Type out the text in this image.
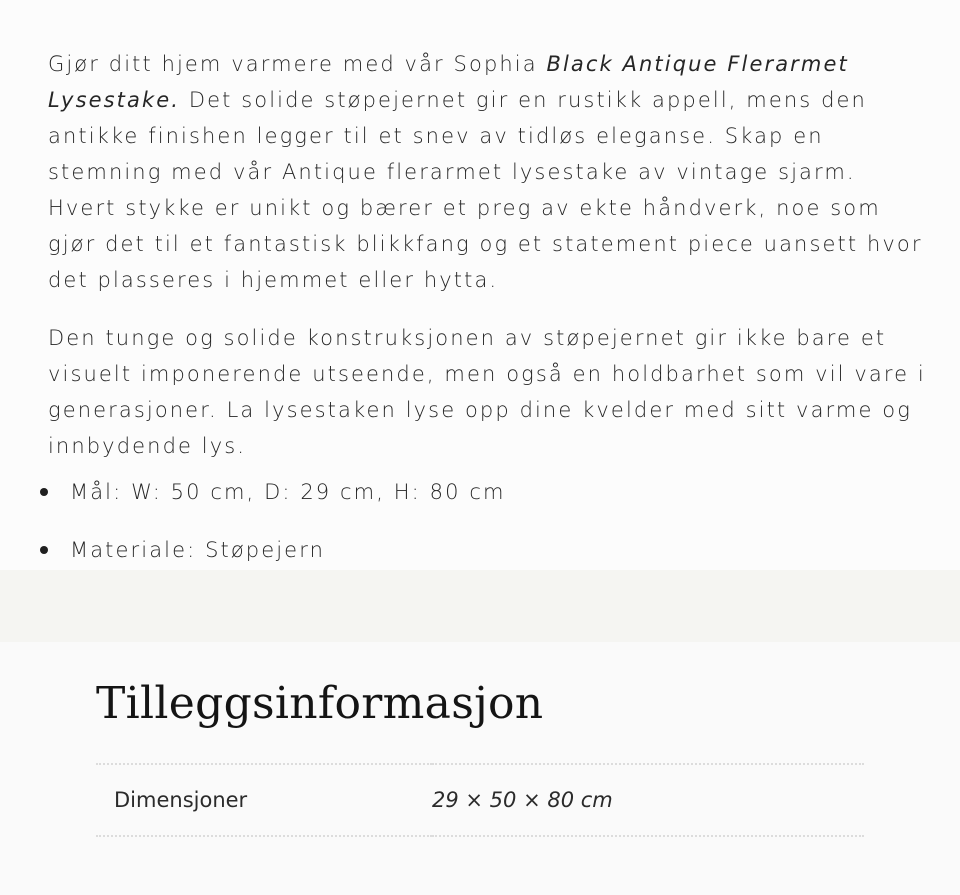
Gjør ditt hjem varmere med vår Sophia Black Antique Flerarmet Lysestake. Det solide støpejernet gir en rustikk appell, mens den antikke finishen legger til et snev av tidløs eleganse. Skap en stemning med vår Antique flerarmet lysestake av vintage sjarm. Hvert stykke er unikt og bærer et preg av ekte håndverk, noe som gjør det til et fantastisk blikkfang og et statement piece uansett hvor det plasseres i hjemmet eller hytta.

Den tunge og solide konstruksjonen av støpejernet gir ikke bare et visuelt imponerende utseende, men også en holdbarhet som vil vare i generasjoner. La lysestaken lyse opp dine kvelder med sitt varme og innbydende lys.

Mål: W: 50 cm, D: 29 cm, H: 80 cm
Materiale: Støpejern
Tilleggsinformasjon
Dimensjoner	29 × 50 × 80 cm
